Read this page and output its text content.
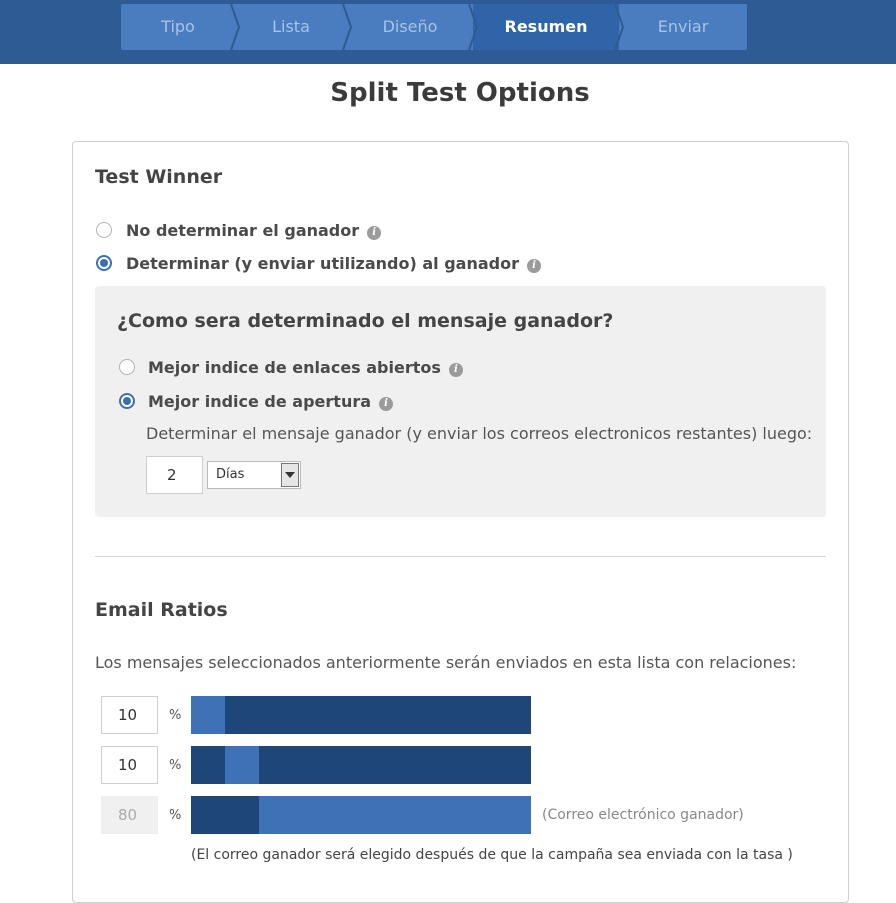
Tipo	Lista	Diseño	Resumen	Enviar
Split Test Options
Test Winner
No determinar el ganador i
Determinar (y enviar utilizando) al ganador i
¿Como sera determinado el mensaje ganador?
Mejor indice de enlaces abiertos i
Mejor indice de apertura i
Determinar el mensaje ganador (y enviar los correos electronicos restantes) luego:
2
Días
Email Ratios
Los mensajes seleccionados anteriormente serán enviados en esta lista con relaciones:
10
%
10
%
80
%	(Correo electrónico ganador)
(El correo ganador será elegido después de que la campaña sea enviada con la tasa )
